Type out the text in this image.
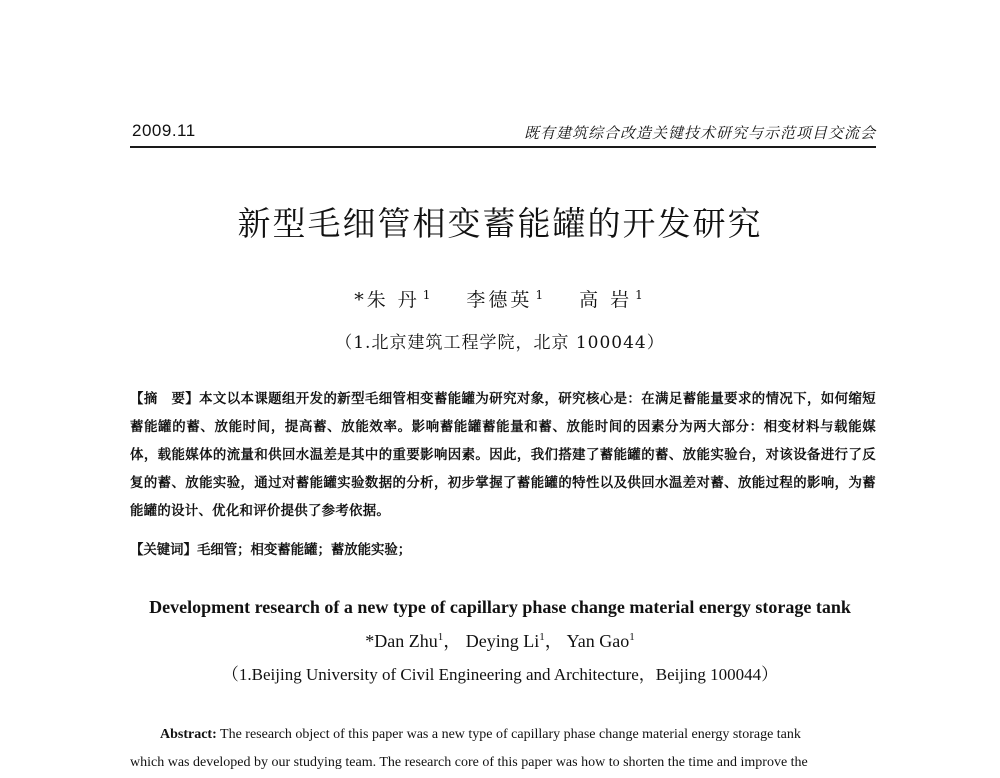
2009.11	既有建筑综合改造关键技术研究与示范项目交流会
新型毛细管相变蓄能罐的开发研究
*朱 丹 $^1$ 李德英 $^1$ 高 岩 $^1$
（1.北京建筑工程学院，北京 100044）
【摘　要】本文以本课题组开发的新型毛细管相变蓄能罐为研究对象，研究核心是：在满足蓄能量要求的情况下，如何缩短蓄能罐的蓄、放能时间，提高蓄、放能效率。影响蓄能罐蓄能量和蓄、放能时间的因素分为两大部分：相变材料与载能媒体，载能媒体的流量和供回水温差是其中的重要影响因素。因此，我们搭建了蓄能罐的蓄、放能实验台，对该设备进行了反复的蓄、放能实验，通过对蓄能罐实验数据的分析，初步掌握了蓄能罐的特性以及供回水温差对蓄、放能过程的影响，为蓄能罐的设计、优化和评价提供了参考依据。
【关键词】毛细管；相变蓄能罐；蓄放能实验；
Development research of a new type of capillary phase change material energy storage tank
*Dan Zhu$^1$， Deying Li$^1$， Yan Gao$^1$
（1.Beijing University of Civil Engineering and Architecture，Beijing 100044）
Abstract: The research object of this paper was a new type of capillary phase change material energy storage tank
which was developed by our studying team. The research core of this paper was how to shorten the time and improve the
